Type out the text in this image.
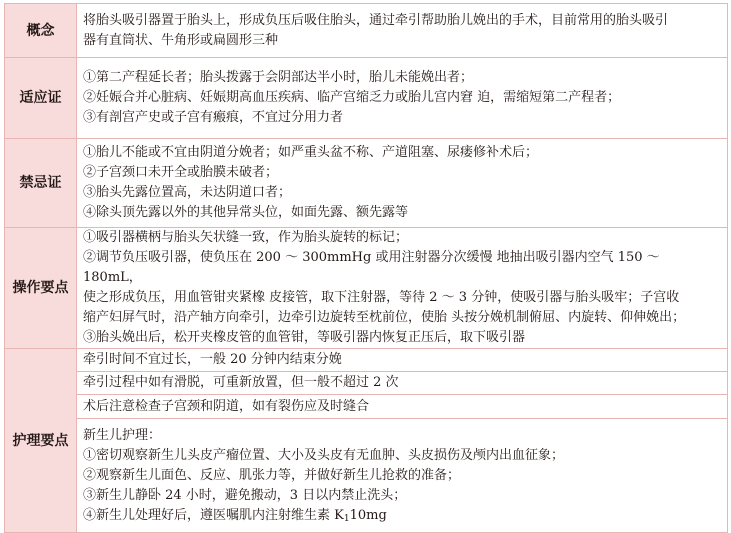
概念	将胎头吸引器置于胎头上，形成负压后吸住胎头，通过牵引帮助胎儿娩出的手术，目前常用的胎头吸引
器有直筒状、牛角形或扁圆形三种

适应证	①第二产程延长者；胎头拨露于会阴部达半小时，胎儿未能娩出者；
②妊娠合并心脏病、妊娠期高血压疾病、临产宫缩乏力或胎儿宫内窘 迫，需缩短第二产程者；
③有剖宫产史或子宫有瘢痕，不宜过分用力者

禁忌证	①胎儿不能或不宜由阴道分娩者；如严重头盆不称、产道阻塞、尿瘘修补术后；
②子宫颈口未开全或胎膜未破者；
③胎头先露位置高，未达阴道口者；
④除头顶先露以外的其他异常头位，如面先露、额先露等

操作要点	①吸引器横柄与胎头矢状缝一致，作为胎头旋转的标记；
②调节负压吸引器，使负压在 200 ～ 300mmHg 或用注射器分次缓慢 地抽出吸引器内空气 150 ～ 180mL，
使之形成负压，用血管钳夹紧橡 皮接管，取下注射器，等待 2 ～ 3 分钟，使吸引器与胎头吸牢；子宫收
缩产妇屏气时，沿产轴方向牵引，边牵引边旋转至枕前位，使胎 头按分娩机制俯屈、内旋转、仰伸娩出；
③胎头娩出后，松开夹橡皮管的血管钳，等吸引器内恢复正压后，取下吸引器

护理要点	牵引时间不宜过长，一般 20 分钟内结束分娩

	牵引过程中如有滑脱，可重新放置，但一般不超过 2 次

	术后注意检查子宫颈和阴道，如有裂伤应及时缝合

	新生儿护理：
①密切观察新生儿头皮产瘤位置、大小及头皮有无血肿、头皮损伤及颅内出血征象；
②观察新生儿面色、反应、肌张力等，并做好新生儿抢救的准备；
③新生儿静卧 24 小时，避免搬动，3 日以内禁止洗头；
④新生儿处理好后，遵医嘱肌内注射维生素 $K_110mg$
